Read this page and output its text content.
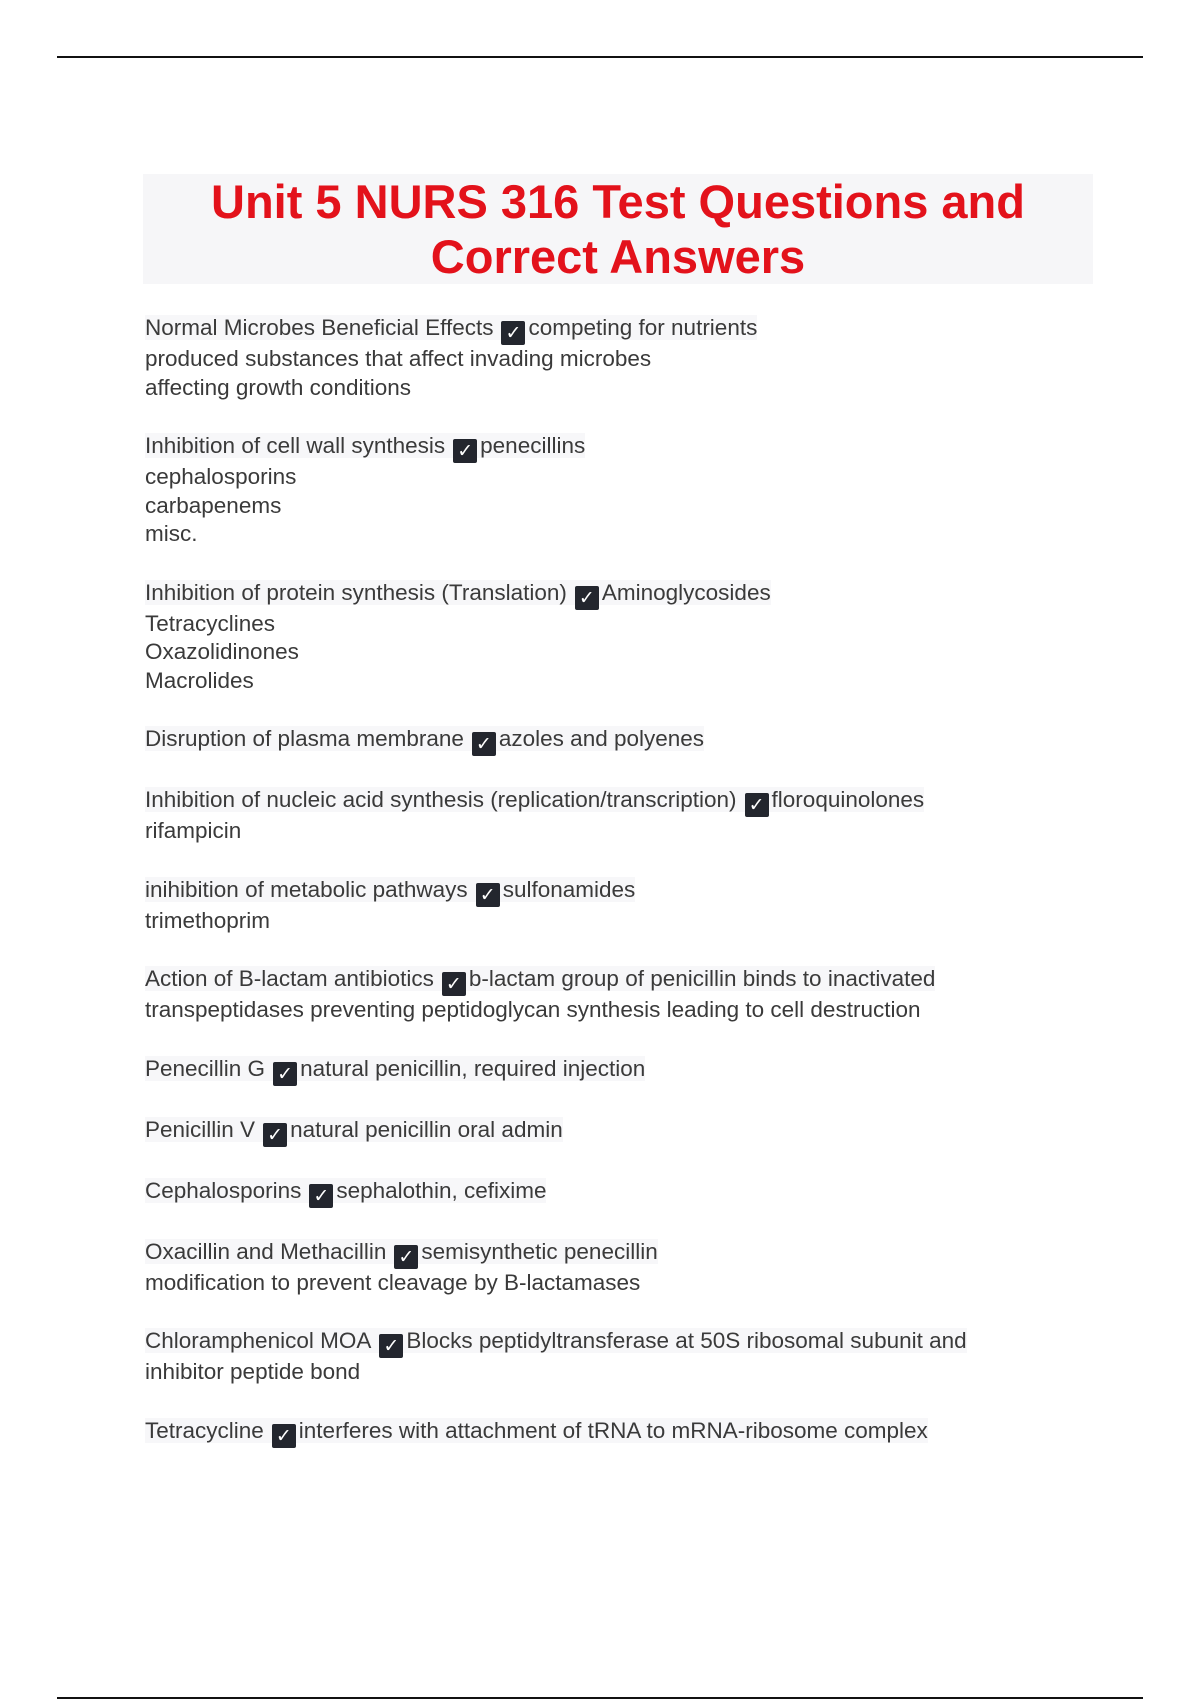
Unit 5 NURS 316 Test Questions and
Correct Answers
Normal Microbes Beneficial Effects ✓ competing for nutrients
produced substances that affect invading microbes
affecting growth conditions
Inhibition of cell wall synthesis ✓ penecillins
cephalosporins
carbapenems
misc.
Inhibition of protein synthesis (Translation) ✓ Aminoglycosides
Tetracyclines
Oxazolidinones
Macrolides
Disruption of plasma membrane ✓ azoles and polyenes
Inhibition of nucleic acid synthesis (replication/transcription) ✓ floroquinolones
rifampicin
inihibition of metabolic pathways ✓ sulfonamides
trimethoprim
Action of B-lactam antibiotics ✓ b-lactam group of penicillin binds to inactivated
transpeptidases preventing peptidoglycan synthesis leading to cell destruction
Penecillin G ✓ natural penicillin, required injection
Penicillin V ✓ natural penicillin oral admin
Cephalosporins ✓ sephalothin, cefixime
Oxacillin and Methacillin ✓ semisynthetic penecillin
modification to prevent cleavage by B-lactamases
Chloramphenicol MOA ✓ Blocks peptidyltransferase at 50S ribosomal subunit and
inhibitor peptide bond
Tetracycline ✓ interferes with attachment of tRNA to mRNA-ribosome complex
